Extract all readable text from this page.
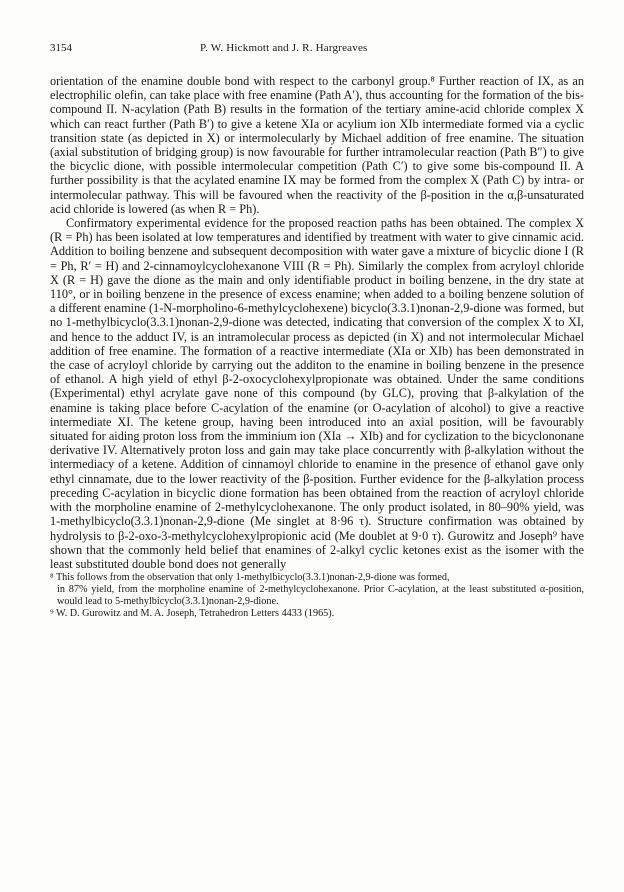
3154	P. W. Hickmott and J. R. Hargreaves

orientation of the enamine double bond with respect to the carbonyl group.⁸ Further reaction of IX, as an electrophilic olefin, can take place with free enamine (Path A′), thus accounting for the formation of the bis-compound II. N-acylation (Path B) results in the formation of the tertiary amine-acid chloride complex X which can react further (Path B′) to give a ketene XIa or acylium ion XIb intermediate formed via a cyclic transition state (as depicted in X) or intermolecularly by Michael addition of free enamine. The situation (axial substitution of bridging group) is now favourable for further intramolecular reaction (Path B″) to give the bicyclic dione, with possible intermolecular competition (Path C′) to give some bis-compound II. A further possibility is that the acylated enamine IX may be formed from the complex X (Path C) by intra- or intermolecular pathway. This will be favoured when the reactivity of the β-position in the α,β-unsaturated acid chloride is lowered (as when R = Ph).

Confirmatory experimental evidence for the proposed reaction paths has been obtained. The complex X (R = Ph) has been isolated at low temperatures and identified by treatment with water to give cinnamic acid. Addition to boiling benzene and subsequent decomposition with water gave a mixture of bicyclic dione I (R = Ph, R′ = H) and 2-cinnamoylcyclohexanone VIII (R = Ph). Similarly the complex from acryloyl chloride X (R = H) gave the dione as the main and only identifiable product in boiling benzene, in the dry state at 110°, or in boiling benzene in the presence of excess enamine; when added to a boiling benzene solution of a different enamine (1-N-morpholino-6-methylcyclohexene) bicyclo(3.3.1)nonan-2,9-dione was formed, but no 1-methylbicyclo(3.3.1)nonan-2,9-dione was detected, indicating that conversion of the complex X to XI, and hence to the adduct IV, is an intramolecular process as depicted (in X) and not intermolecular Michael addition of free enamine. The formation of a reactive intermediate (XIa or XIb) has been demonstrated in the case of acryloyl chloride by carrying out the additon to the enamine in boiling benzene in the presence of ethanol. A high yield of ethyl β-2-oxocyclohexylpropionate was obtained. Under the same conditions (Experimental) ethyl acrylate gave none of this compound (by GLC), proving that β-alkylation of the enamine is taking place before C-acylation of the enamine (or O-acylation of alcohol) to give a reactive intermediate XI. The ketene group, having been introduced into an axial position, will be favourably situated for aiding proton loss from the imminium ion (XIa → XIb) and for cyclization to the bicyclononane derivative IV. Alternatively proton loss and gain may take place concurrently with β-alkylation without the intermediacy of a ketene. Addition of cinnamoyl chloride to enamine in the presence of ethanol gave only ethyl cinnamate, due to the lower reactivity of the β-position. Further evidence for the β-alkylation process preceding C-acylation in bicyclic dione formation has been obtained from the reaction of acryloyl chloride with the morpholine enamine of 2-methylcyclohexanone. The only product isolated, in 80–90% yield, was 1-methylbicyclo(3.3.1)nonan-2,9-dione (Me singlet at 8·96 τ). Structure confirmation was obtained by hydrolysis to β-2-oxo-3-methylcyclohexylpropionic acid (Me doublet at 9·0 τ). Gurowitz and Joseph⁹ have shown that the commonly held belief that enamines of 2-alkyl cyclic ketones exist as the isomer with the least substituted double bond does not generally

⁸ This follows from the observation that only 1-methylbicyclo(3.3.1)nonan-2,9-dione was formed,
in 87% yield, from the morpholine enamine of 2-methylcyclohexanone. Prior C-acylation, at the least substituted α-position, would lead to 5-methylbicyclo(3.3.1)nonan-2,9-dione.

⁹ W. D. Gurowitz and M. A. Joseph, Tetrahedron Letters 4433 (1965).
